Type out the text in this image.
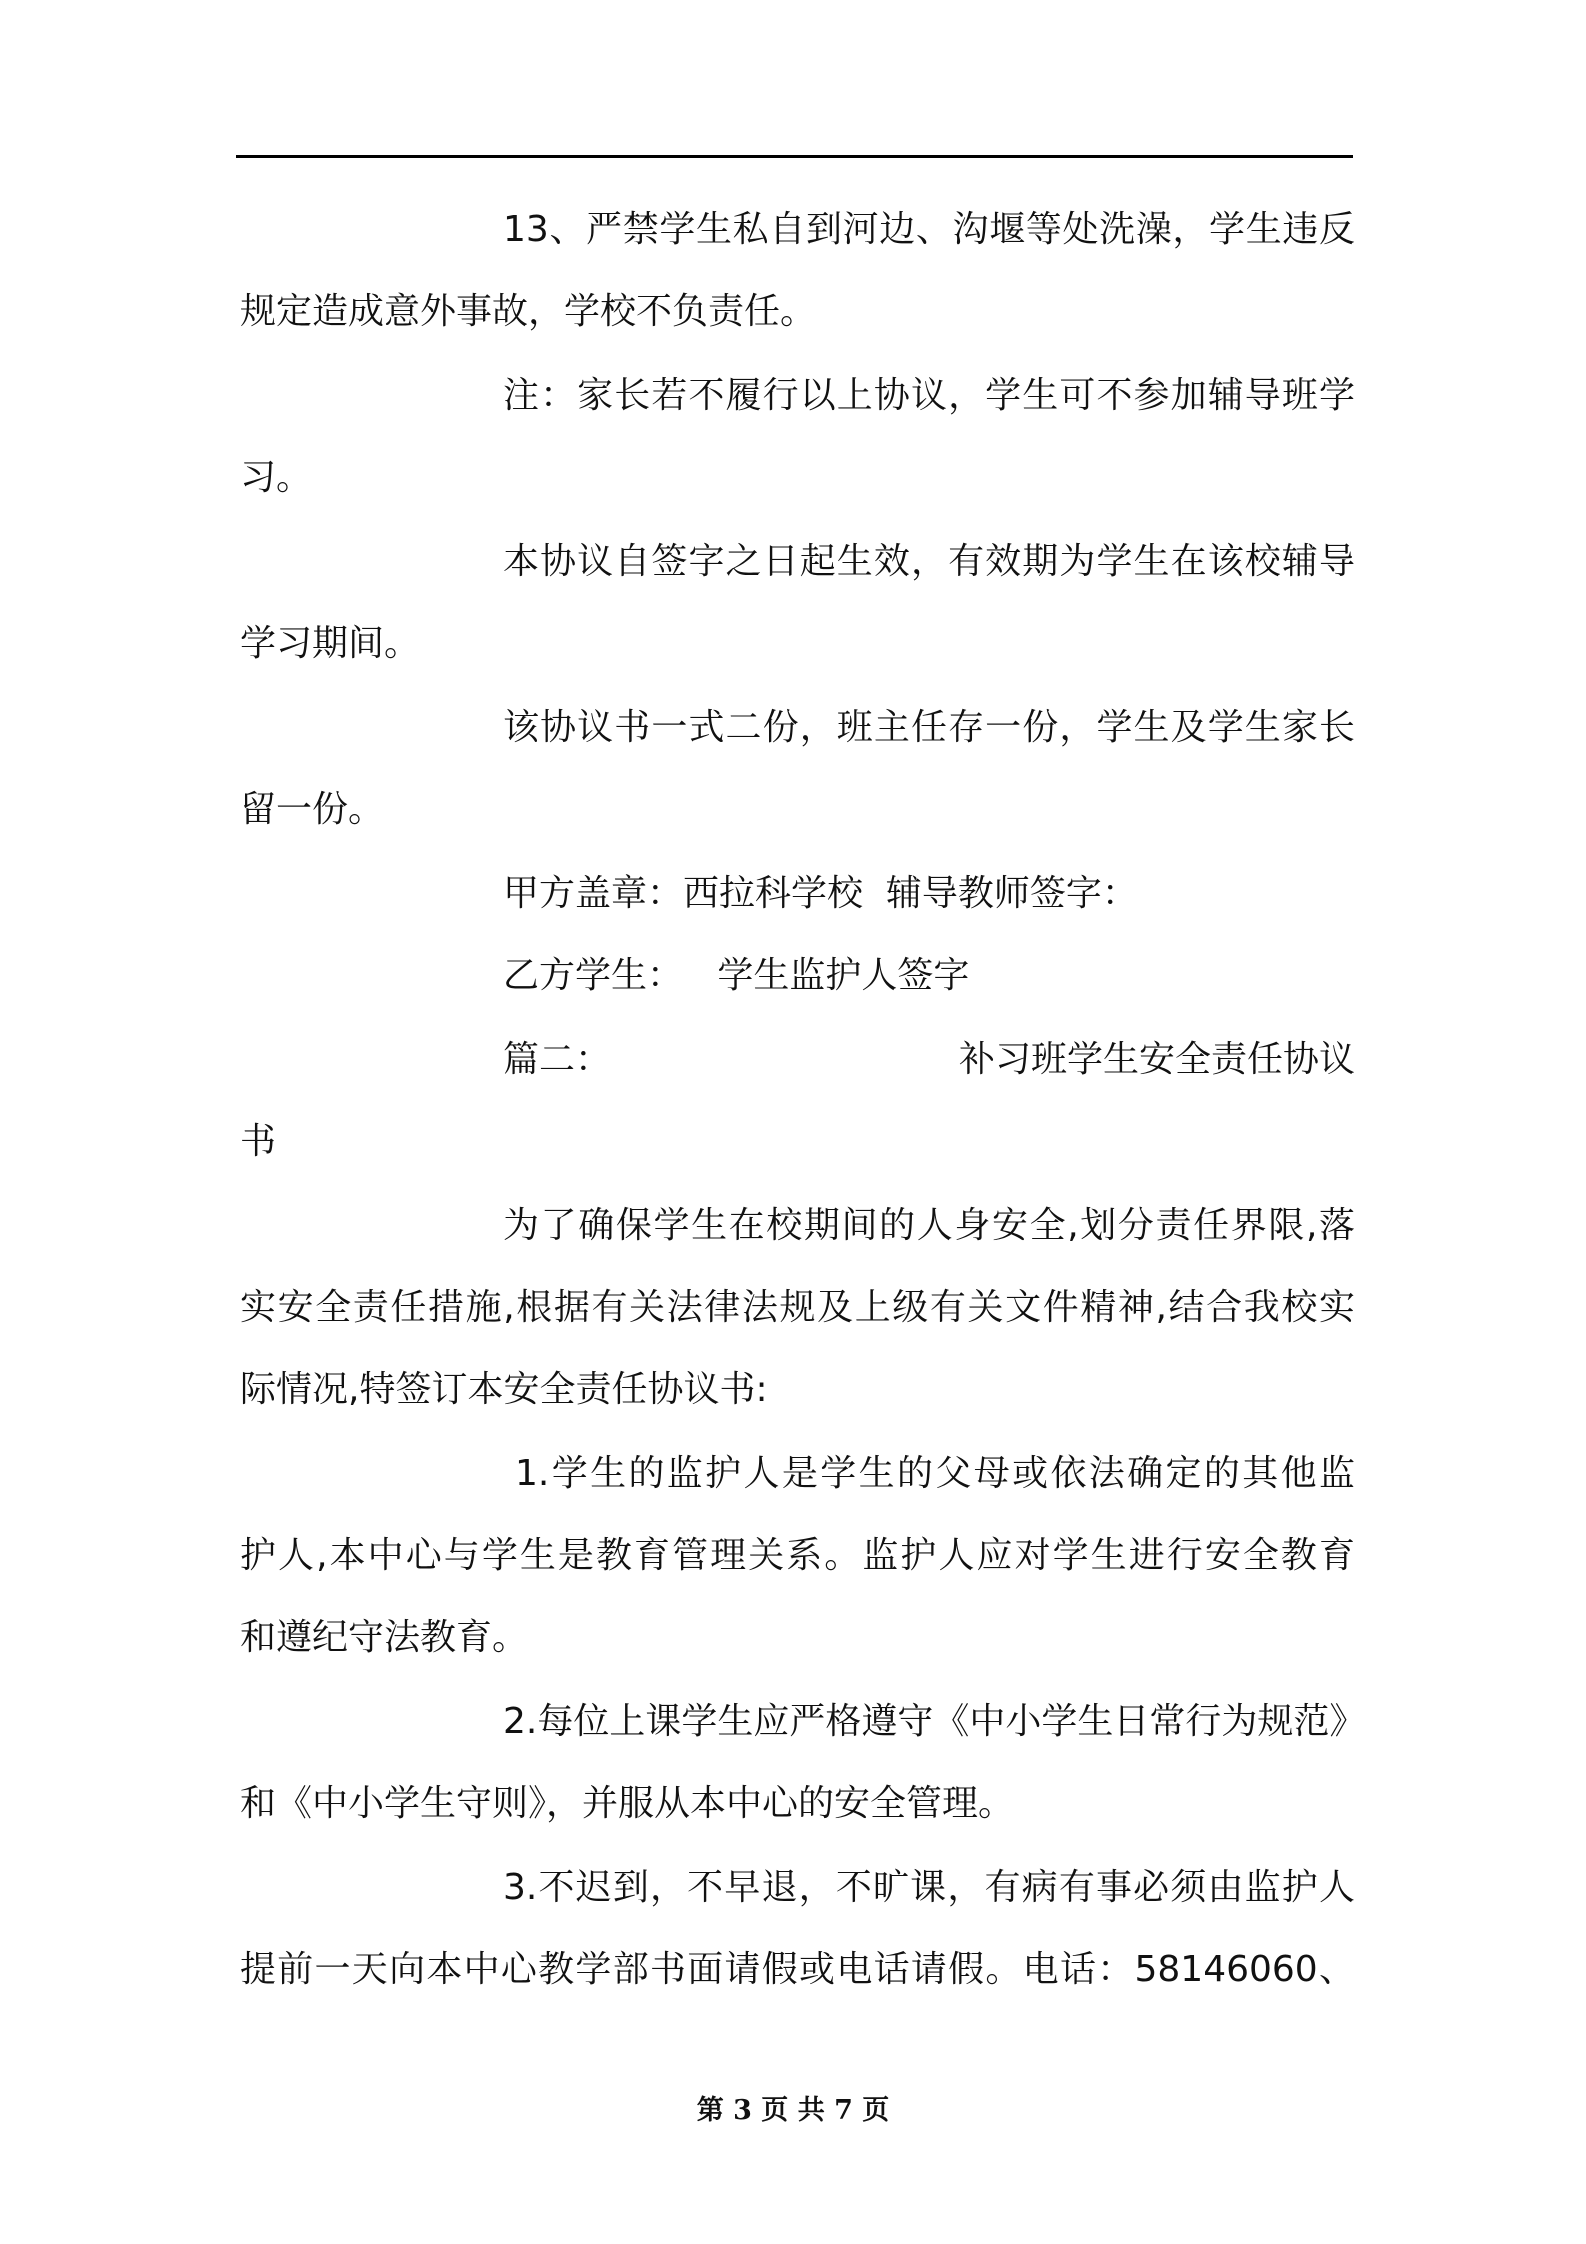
13、严禁学生私自到河边、沟堰等处洗澡，学生违反
规定造成意外事故，学校不负责任。
注：家长若不履行以上协议，学生可不参加辅导班学
习。
本协议自签字之日起生效，有效期为学生在该校辅导
学习期间。
该协议书一式二份，班主任存一份，学生及学生家长
留一份。
甲方盖章：西拉科学校  辅导教师签字：
乙方学生：   学生监护人签字
篇二：	补习班学生安全责任协议
书
为了确保学生在校期间的人身安全,划分责任界限,落
实安全责任措施,根据有关法律法规及上级有关文件精神,结合我校实
际情况,特签订本安全责任协议书:
1.学生的监护人是学生的父母或依法确定的其他监
护人,本中心与学生是教育管理关系。监护人应对学生进行安全教育
和遵纪守法教育。
2.每位上课学生应严格遵守《中小学生日常行为规范》
和《中小学生守则》，并服从本中心的安全管理。
3.不迟到，不早退，不旷课，有病有事必须由监护人
提前一天向本中心教学部书面请假或电话请假。电话：58146060、
第 3 页 共 7 页
